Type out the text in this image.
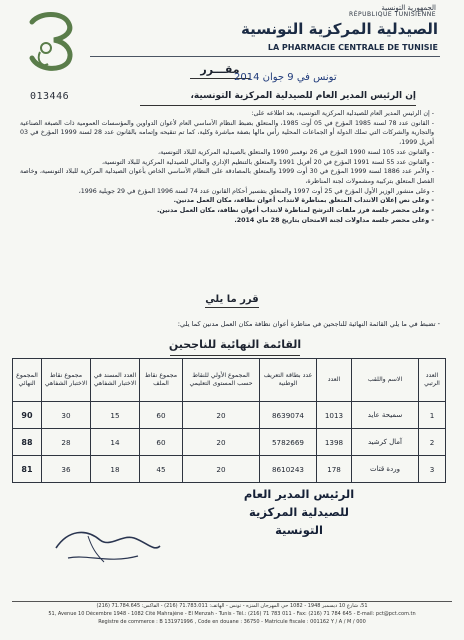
الجمهورية التونسية
RÉPUBLIQUE TUNISIENNE
الصيدلية المركزية التونسية
LA PHARMACIE CENTRALE DE TUNISIE
مقـــرر
تونس في 9 جوان 2014
013446	إن الرئيس المدير العام للصيدلية المركزية التونسية،

- إن الرئيس المدير العام للصيدلية المركزية التونسية، بعد اطلاعه على:

- القانون عدد 78 لسنة 1985 المؤرخ في 05 أوت 1985، والمتعلق بضبط النظام الأساسي العام لأعوان الدواوين والمؤسسات العمومية ذات الصبغة الصناعية والتجارية والشركات التي تملك الدولة أو الجماعات المحلية رأس مالها بصفة مباشرة وكلية، كما تم تنقيحه وإتمامه بالقانون عدد 28 لسنة 1999 المؤرخ في 03 أفريل 1999،

- والقانون عدد 105 لسنة 1990 المؤرخ في 26 نوفمبر 1990 والمتعلق بالصيدلية المركزية للبلاد التونسية،

- والقانون عدد 55 لسنة 1991 المؤرخ في 20 أفريل 1991 والمتعلق بالتنظيم الإداري والمالي للصيدلية المركزية للبلاد التونسية،

- والأمر عدد 1886 لسنة 1999 المؤرخ في 30 أوت 1999 والمتعلق بالمصادقة على النظام الأساسي الخاص بأعوان الصيدلية المركزية للبلاد التونسية، وخاصة الفصل المتعلق بتركيبة ومشمولات لجنة المناظرة،

- وعلى منشور الوزير الأول المؤرخ في 25 أوت 1997 والمتعلق بتفسير أحكام القانون عدد 74 لسنة 1996 المؤرخ في 29 جويلية 1996،

- وعلى نص إعلان الانتداب المتعلق بمناظرة لانتداب أعوان نظافة، مكان العمل مدنين.

- وعلى محضر جلسة فرز ملفات الترشح لمناظرة لانتداب أعوان نظافة، مكان العمل مدنين.

- وعلى محضر جلسة مداولات لجنة الامتحان بتاريخ 28 ماي 2014.

قرر ما يلي
- تضبط في ما يلي القائمة النهائية للناجحين في مناظرة أعوان نظافة مكان العمل مدنين كما يلي:
القائمة النهائية للناجحين
العدد الرتبي	الاسم واللقب	العدد	عدد بطاقة التعريف الوطنية	المجموع الأولي للنقاط حسب المستوى التعليمي	مجموع نقاط الملف	العدد المسند في الاختبار الشفاهي	مجموع نقاط الاختبار الشفاهي	المجموع النهائي
1	سميحة عايد	1013	8639074	20	60	15	30	90
2	آمال كرشيد	1398	5782669	20	60	14	28	88
3	وردة قتات	178	8610243	20	45	18	36	81
الرئيس المدير العام
للصيدلية المركزية التونسية
51، شارع 10 ديسمبر 1948 - 1082 حي المهرجان المنزه - تونس - الهاتف: 71.783.011 (216) - الفاكس: 71.784.645 (216)
51, Avenue 10 Décembre 1948 - 1082 Cité Mahrajène - El Menzah - Tunis - Tél.: (216) 71 783 011 - Fax: (216) 71 784 645 - E-mail: pct@pct.com.tn
Registre de commerce : B 131971996 , Code en douane : 36750 - Matricule fiscale : 001162 Y / A / M / 000
